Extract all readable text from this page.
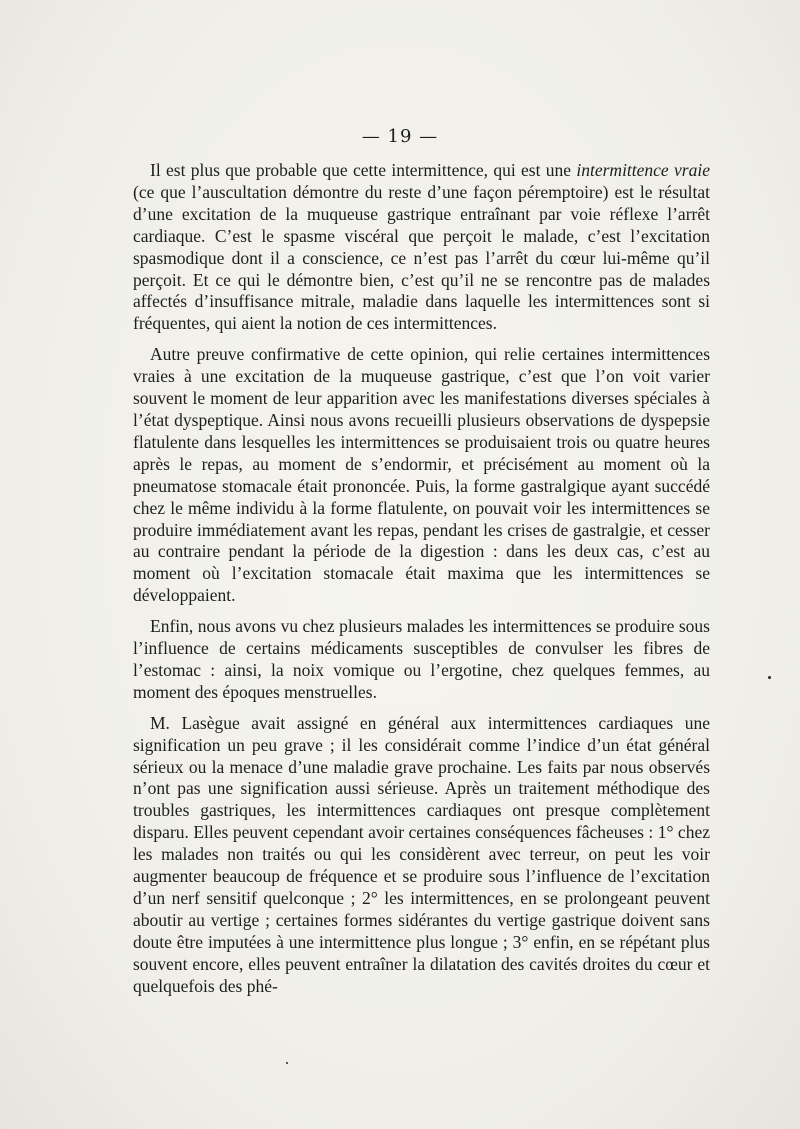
— 19 —

Il est plus que probable que cette intermittence, qui est une intermittence vraie (ce que l’auscultation démontre du reste d’une façon péremptoire) est le résultat d’une excitation de la muqueuse gastrique entraînant par voie réflexe l’arrêt cardiaque. C’est le spasme viscéral que perçoit le malade, c’est l’excitation spasmodique dont il a conscience, ce n’est pas l’arrêt du cœur lui-même qu’il perçoit. Et ce qui le démontre bien, c’est qu’il ne se rencontre pas de malades affectés d’insuffisance mitrale, maladie dans laquelle les intermittences sont si fréquentes, qui aient la notion de ces intermittences.

Autre preuve confirmative de cette opinion, qui relie certaines intermittences vraies à une excitation de la muqueuse gastrique, c’est que l’on voit varier souvent le moment de leur apparition avec les manifestations diverses spéciales à l’état dyspeptique. Ainsi nous avons recueilli plusieurs observations de dyspepsie flatulente dans lesquelles les intermittences se produisaient trois ou quatre heures après le repas, au moment de s’endormir, et précisément au moment où la pneumatose stomacale était prononcée. Puis, la forme gastralgique ayant succédé chez le même individu à la forme flatulente, on pouvait voir les intermittences se produire immédiatement avant les repas, pendant les crises de gastralgie, et cesser au contraire pendant la période de la digestion : dans les deux cas, c’est au moment où l’excitation stomacale était maxima que les intermittences se développaient.

Enfin, nous avons vu chez plusieurs malades les intermittences se produire sous l’influence de certains médicaments susceptibles de convulser les fibres de l’estomac : ainsi, la noix vomique ou l’ergotine, chez quelques femmes, au moment des époques menstruelles.

M. Lasègue avait assigné en général aux intermittences cardiaques une signification un peu grave ; il les considérait comme l’indice d’un état général sérieux ou la menace d’une maladie grave prochaine. Les faits par nous observés n’ont pas une signification aussi sérieuse. Après un traitement méthodique des troubles gastriques, les intermittences cardiaques ont presque complètement disparu. Elles peuvent cependant avoir certaines conséquences fâcheuses : 1° chez les malades non traités ou qui les considèrent avec terreur, on peut les voir augmenter beaucoup de fréquence et se produire sous l’influence de l’excitation d’un nerf sensitif quelconque ; 2° les intermittences, en se prolongeant peuvent aboutir au vertige ; certaines formes sidérantes du vertige gastrique doivent sans doute être imputées à une intermittence plus longue ; 3° enfin, en se répétant plus souvent encore, elles peuvent entraîner la dilatation des cavités droites du cœur et quelquefois des phé-
